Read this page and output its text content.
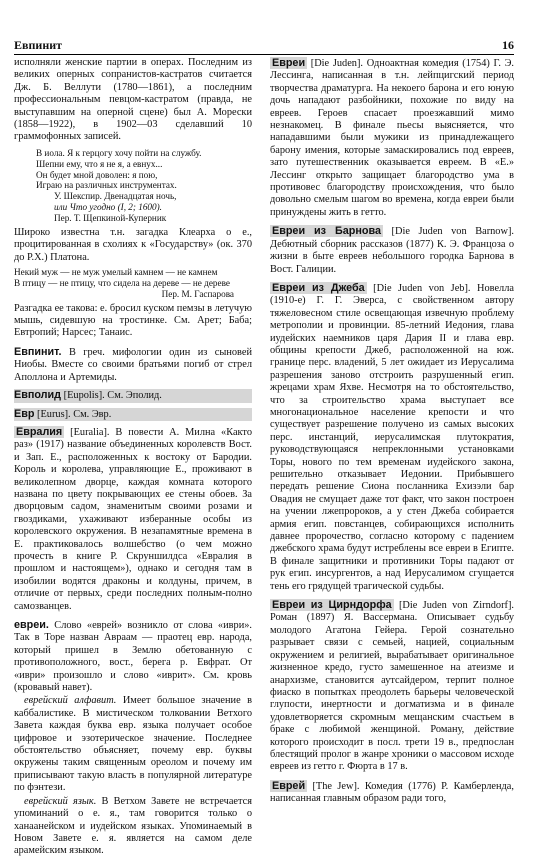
Евпинит	16

исполняли женские партии в операх. Последним из великих оперных сопранистов-кастратов считается Дж. Б. Веллути (1780—1861), а последним профессиональным певцом-кастратом (правда, не выступавшим на оперной сцене) был А. Морески (1858—1922), в 1902—03 сделавший 10 граммофонных записей.

В иола. Я к герцогу хочу пойти на службу.
Шепни ему, что я не я, а евнух...
Он будет мной доволен: я пою,
Играю на различных инструментах.
У. Шекспир. Двенадцатая ночь,
или Что угодно (I, 2; 1600).
Пер. Т. Щепкиной-Куперник

Широко известна т.н. загадка Клеарха о е., процитированная в схолиях к «Государству» (ок. 370 до Р.Х.) Платона.

Некий муж — не муж умелый камнем — не камнем
В птицу — не птицу, что сидела на дереве — не дереве
Пер. М. Гаспарова

Разгадка ее такова: е. бросил куском пемзы в летучую мышь, сидевшую на тростинке. См. Арет; Баба; Евтропий; Нарсес; Танаис.

Евпинит. В греч. мифологии один из сыновей Ниобы. Вместе со своими братьями погиб от стрел Аполлона и Артемиды.

Евполид [Eupolis]. См. Эполид.

Евр [Eurus]. См. Эвр.

Евралия [Euralia]. В повести А. Милна «Както раз» (1917) название объединенных королевств Вост. и Зап. Е., расположенных к востоку от Бародии. Король и королева, управляющие Е., проживают в великолепном дворце, каждая комната которого названа по цвету покрывающих ее стены обоев. За дворцовым садом, знаменитым своими розами и гвоздиками, ухаживают изберанные особы из королевского окружения. В незапамятные времена в Е. практиковалось волшебство (о чем можно прочесть в книге Р. Скруншилдса «Евралия в прошлом и настоящем»), однако и сегодня там в изобилии водятся драконы и колдуны, причем, в отличие от первых, среди последних полным-полно самозванцев.

евреи. Слово «еврей» возникло от слова «иври». Так в Торе назван Авраам — праотец евр. народа, который пришел в Землю обетованную с противоположного, вост., берега р. Евфрат. От «иври» произошло и слово «иврит». См. кровь (кровавый навет).

еврейский алфавит. Имеет большое значение в каббалистике. В мистическом толковании Ветхого Завета каждая буква евр. языка получает особое цифровое и эзотерическое значение. Последнее обстоятельство объясняет, почему евр. буквы окружены таким священным ореолом и почему им приписывают такую власть в популярной литературе по фэнтези.

еврейский язык. В Ветхом Завете не встречается упоминаний о е. я., там говорится только о ханаанейском и иудейском языках. Упоминаемый в Новом Завете е. я. является на самом деле арамейским языком.

Евреи [Die Juden]. Одноактная комедия (1754) Г. Э. Лессинга, написанная в т.н. лейпцигский период творчества драматурга. На некоего барона и его юную дочь нападают разбойники, похожие по виду на евреев. Героев спасает проезжавший мимо незнакомец. В финале пьесы выясняется, что нападавшими были мужики из принадлежащего барону имения, которые замаскировались под евреев, зато путешественник оказывается евреем. В «Е.» Лессинг открыто защищает благородство ума в противовес благородству происхождения, что было довольно смелым шагом во времена, когда евреи были принуждены жить в гетто.

Евреи из Барнова [Die Juden von Barnow]. Дебютный сборник рассказов (1877) К. Э. Францоза о жизни в быте евреев небольшого городка Барнова в Вост. Галиции.

Евреи из Джеба [Die Juden von Jeb]. Новелла (1910-е) Г. Г. Эверса, с свойственном автору тяжеловесном стиле освещающая извечную проблему метрополии и провинции. 85-летний Иедония, глава иудейских наемников царя Дария II и глава евр. общины крепости Джеб, расположенной на юж. границе перс. владений, 5 лет ожидает из Иерусалима разрешения заново отстроить разрушенный егип. жрецами храм Яхве. Несмотря на то обстоятельство, что за строительство храма выступает все многонациональное население крепости и что существует разрешение получено из самых высоких перс. инстанций, иерусалимская плутократия, руководствующаяся непреклонными установками Торы, нового по тем временам иудейского закона, решительно отказывает Иедонии. Прибывшего передать решение Сиона посланника Ехизэли бар Овадия не смущает даже тот факт, что закон построен на учении лжепророков, а у стен Джеба собирается армия егип. повстанцев, собирающихся исполнить давнее пророчество, согласно которому с падением джебского храма будут истреблены все евреи в Египте. В финале защитники и противники Торы падают от рук егип. инсургентов, а над Иерусалимом сгущается тень его грядущей трагической судьбы.

Евреи из Цирндорфа [Die Juden von Zirndorf]. Роман (1897) Я. Вассермана. Описывает судьбу молодого Агатона Гейера. Герой сознательно разрывает связи с семьей, нацией, социальным окружением и религией, вырабатывает оригинальное жизненное кредо, густо замешенное на атеизме и анархизме, становится аутсайдером, терпит полное фиаско в попытках преодолеть барьеры человеческой глупости, инертности и догматизма и в финале удовлетворяется скромным мещанским счастьем в браке с любимой женщиной. Роману, действие которого происходит в посл. трети 19 в., предпослан блестящий пролог в жанре хроники о массовом исходе евреев из гетто г. Фюрта в 17 в.

Еврей [The Jew]. Комедия (1776) Р. Камберленда, написанная главным образом ради того,
